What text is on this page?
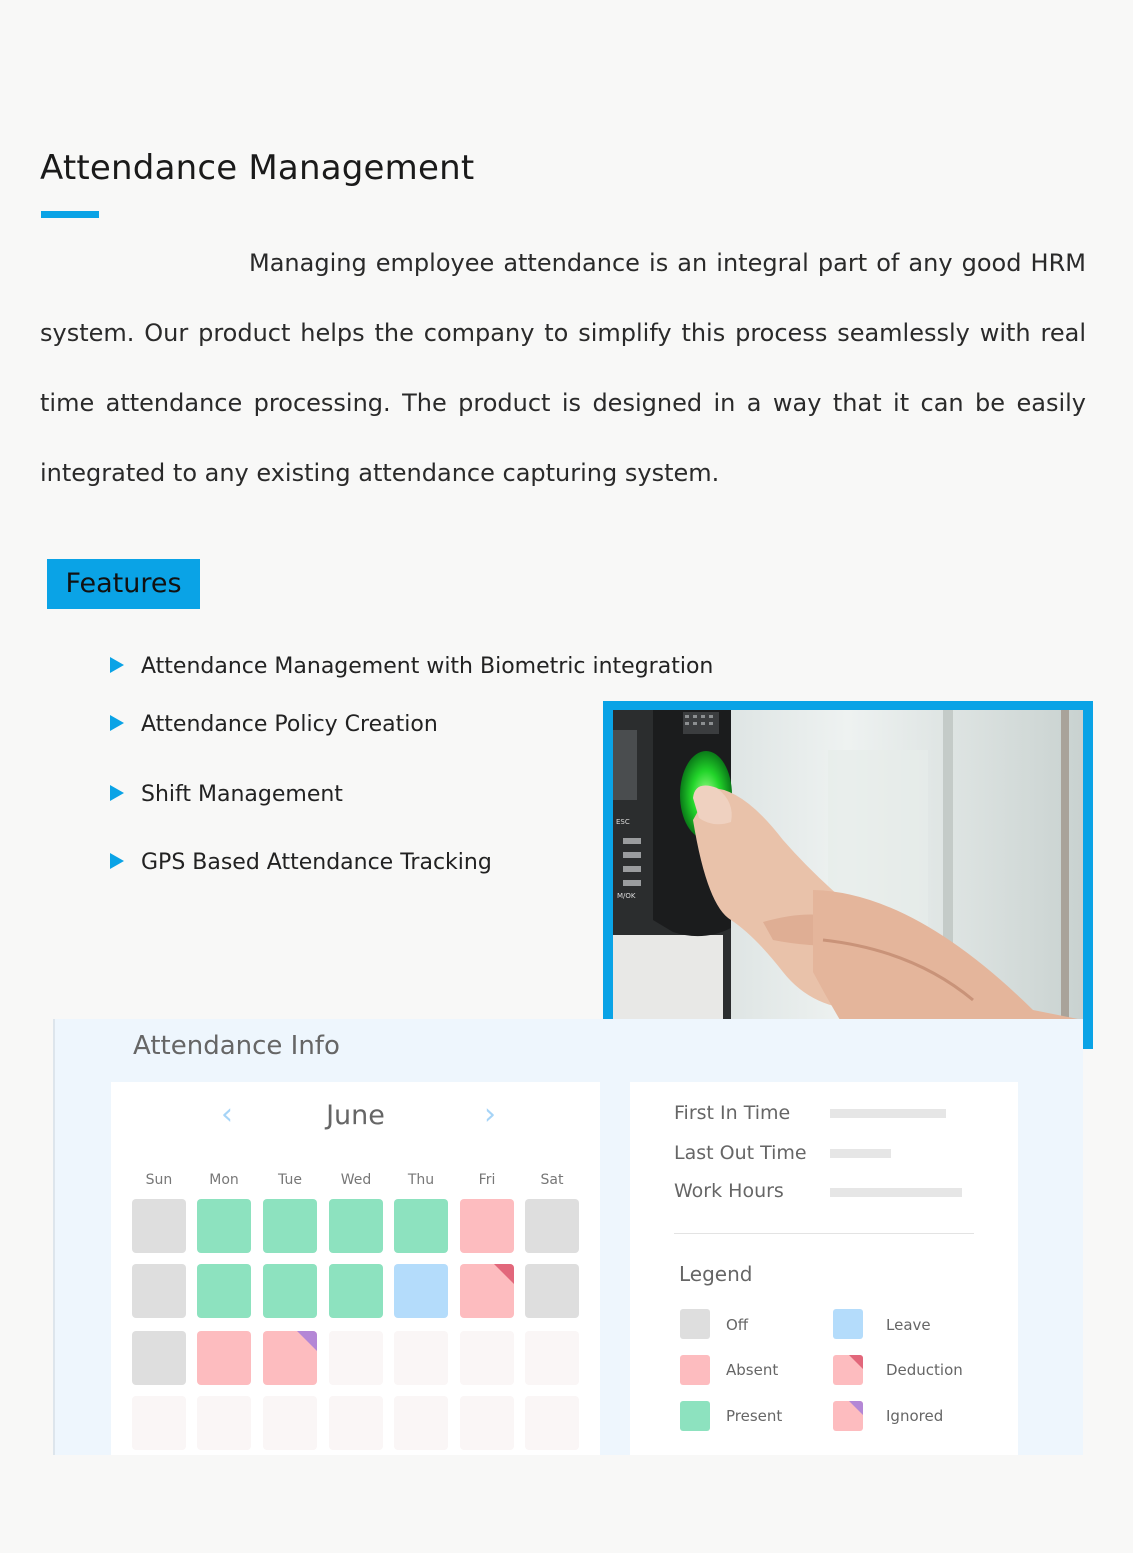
Attendance Management

Managing employee attendance is an integral part of any good HRM system. Our product helps the company to simplify this process seamlessly with real time attendance processing. The product is designed in a way that it can be easily integrated to any existing attendance capturing system.

Features
Attendance Management with Biometric integration
Attendance Policy Creation
Shift Management
GPS Based Attendance Tracking
ESC
M/OK
Attendance Info
‹	June	›
Sun	Mon	Tue	Wed	Thu	Fri	Sat
First In Time
Last Out Time
Work Hours
Legend
Off	Leave
Absent	Deduction
Present	Ignored
